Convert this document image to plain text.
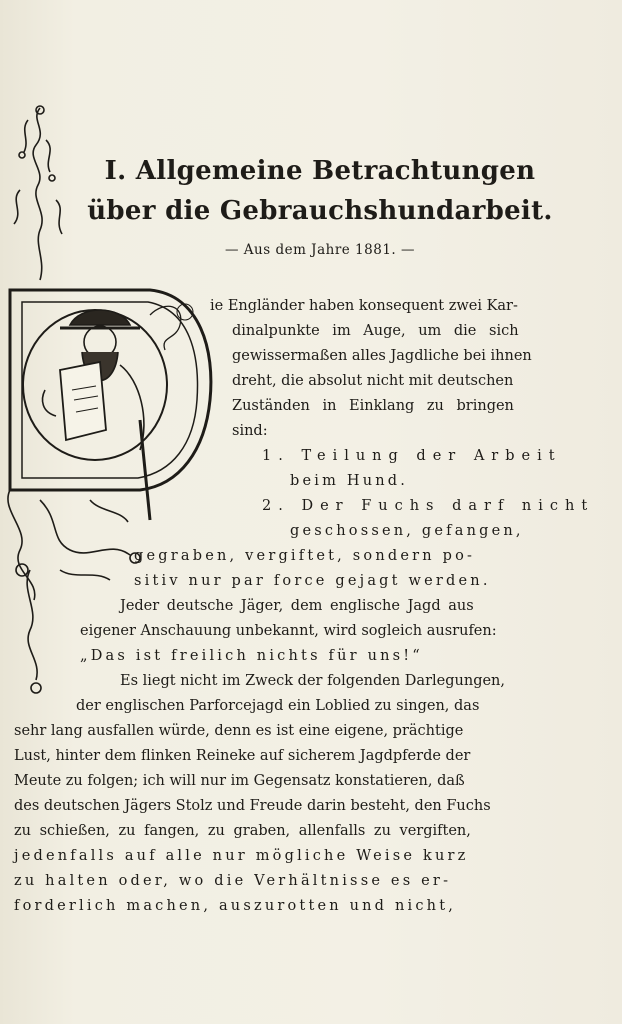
I. Allgemeine Betrachtungen
über die Gebrauchshundarbeit.
— Aus dem Jahre 1881. —
ie Engländer haben konsequent zwei Kar-
dinalpunkte im Auge, um die sich
gewissermaßen alles Jagdliche bei ihnen
dreht, die absolut nicht mit deutschen
Zuständen in Einklang zu bringen
sind:
1. Teilung der Arbeit
beim Hund.
2. Der Fuchs darf nicht
geschossen, gefangen,
gegraben, vergiftet, sondern po-
sitiv nur par force gejagt werden.
Jeder deutsche Jäger, dem englische Jagd aus
eigener Anschauung unbekannt, wird sogleich ausrufen:
„Das ist freilich nichts für uns!“
Es liegt nicht im Zweck der folgenden Darlegungen,
der englischen Parforcejagd ein Loblied zu singen, das
sehr lang ausfallen würde, denn es ist eine eigene, prächtige
Lust, hinter dem flinken Reineke auf sicherem Jagdpferde der
Meute zu folgen; ich will nur im Gegensatz konstatieren, daß
des deutschen Jägers Stolz und Freude darin besteht, den Fuchs
zu schießen, zu fangen, zu graben, allenfalls zu vergiften,
jedenfalls auf alle nur mögliche Weise kurz
zu halten oder, wo die Verhältnisse es er-
forderlich machen, auszurotten und nicht,
